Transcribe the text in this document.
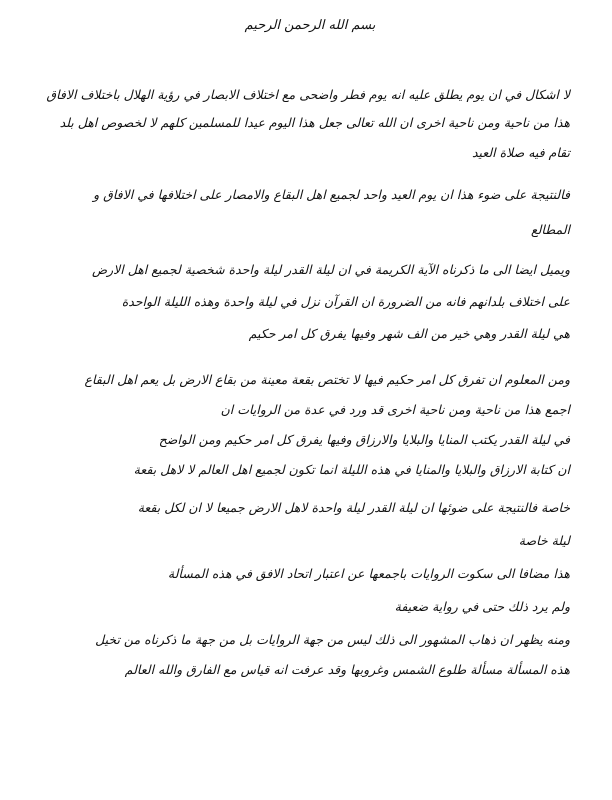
بسم الله الرحمن الرحيم
لا اشكال في ان يوم يطلق عليه انه يوم فطر واضحى مع اختلاف الابصار في رؤية الهلال باختلاف الافاق
هذا من ناحية ومن ناحية اخرى ان الله تعالى جعل هذا اليوم عيدا للمسلمين كلهم لا لخصوص اهل بلد
تقام فيه صلاة العيد
فالنتيجة على ضوء هذا ان يوم العيد واحد لجميع اهل البقاع والامصار على اختلافها في الافاق و
المطالع
ويميل ايضا الى ما ذكرناه الآية الكريمة في ان ليلة القدر ليلة واحدة شخصية لجميع اهل الارض
على اختلاف بلدانهم فانه من الضرورة ان القرآن نزل في ليلة واحدة وهذه الليلة الواحدة
هي ليلة القدر وهي خير من الف شهر وفيها يفرق كل امر حكيم
ومن المعلوم ان تفرق كل امر حكيم فيها لا تختص بقعة معينة من بقاع الارض بل يعم اهل البقاع
اجمع هذا من ناحية ومن ناحية اخرى قد ورد في عدة من الروايات ان
في ليلة القدر يكتب المنايا والبلايا والارزاق وفيها يفرق كل امر حكيم ومن الواضح
ان كتابة الارزاق والبلايا والمنايا في هذه الليلة انما تكون لجميع اهل العالم لا لاهل بقعة
خاصة فالنتيجة على ضوئها ان ليلة القدر ليلة واحدة لاهل الارض جميعا لا ان لكل بقعة
ليلة خاصة
هذا مضافا الى سكوت الروايات باجمعها عن اعتبار اتحاد الافق في هذه المسألة
ولم يرد ذلك حتى في رواية ضعيفة
ومنه يظهر ان ذهاب المشهور الى ذلك ليس من جهة الروايات بل من جهة ما ذكرناه من تخيل
هذه المسألة مسألة طلوع الشمس وغروبها وقد عرفت انه قياس مع الفارق والله العالم
